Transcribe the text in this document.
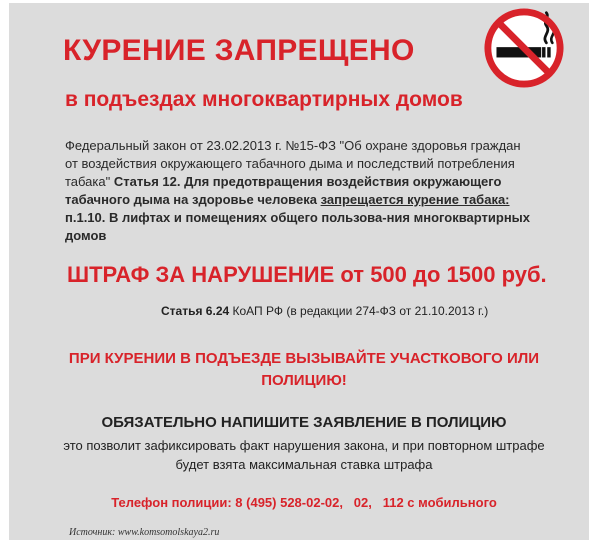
КУРЕНИЕ ЗАПРЕЩЕНО
в подъездах многоквартирных домов

Федеральный закон от 23.02.2013 г. №15-ФЗ "Об охране здоровья граждан от воздействия окружающего табачного дыма и последствий потребления табака" Статья 12. Для предотвращения воздействия окружающего табачного дыма на здоровье человека запрещается курение табака: п.1.10. В лифтах и помещениях общего пользова-ния многоквартирных домов

ШТРАФ ЗА НАРУШЕНИЕ от 500 до 1500 руб.

Статья 6.24 КоАП РФ (в редакции 274-ФЗ от 21.10.2013 г.)

ПРИ КУРЕНИИ В ПОДЪЕЗДЕ ВЫЗЫВАЙТЕ УЧАСТКОВОГО ИЛИ ПОЛИЦИЮ!

ОБЯЗАТЕЛЬНО НАПИШИТЕ ЗАЯВЛЕНИЕ В ПОЛИЦИЮ

это позволит зафиксировать факт нарушения закона, и при повторном штрафе будет взята максимальная ставка штрафа

Телефон полиции: 8 (495) 528-02-02,   02,   112 с мобильного

Источник: www.komsomolskaya2.ru
